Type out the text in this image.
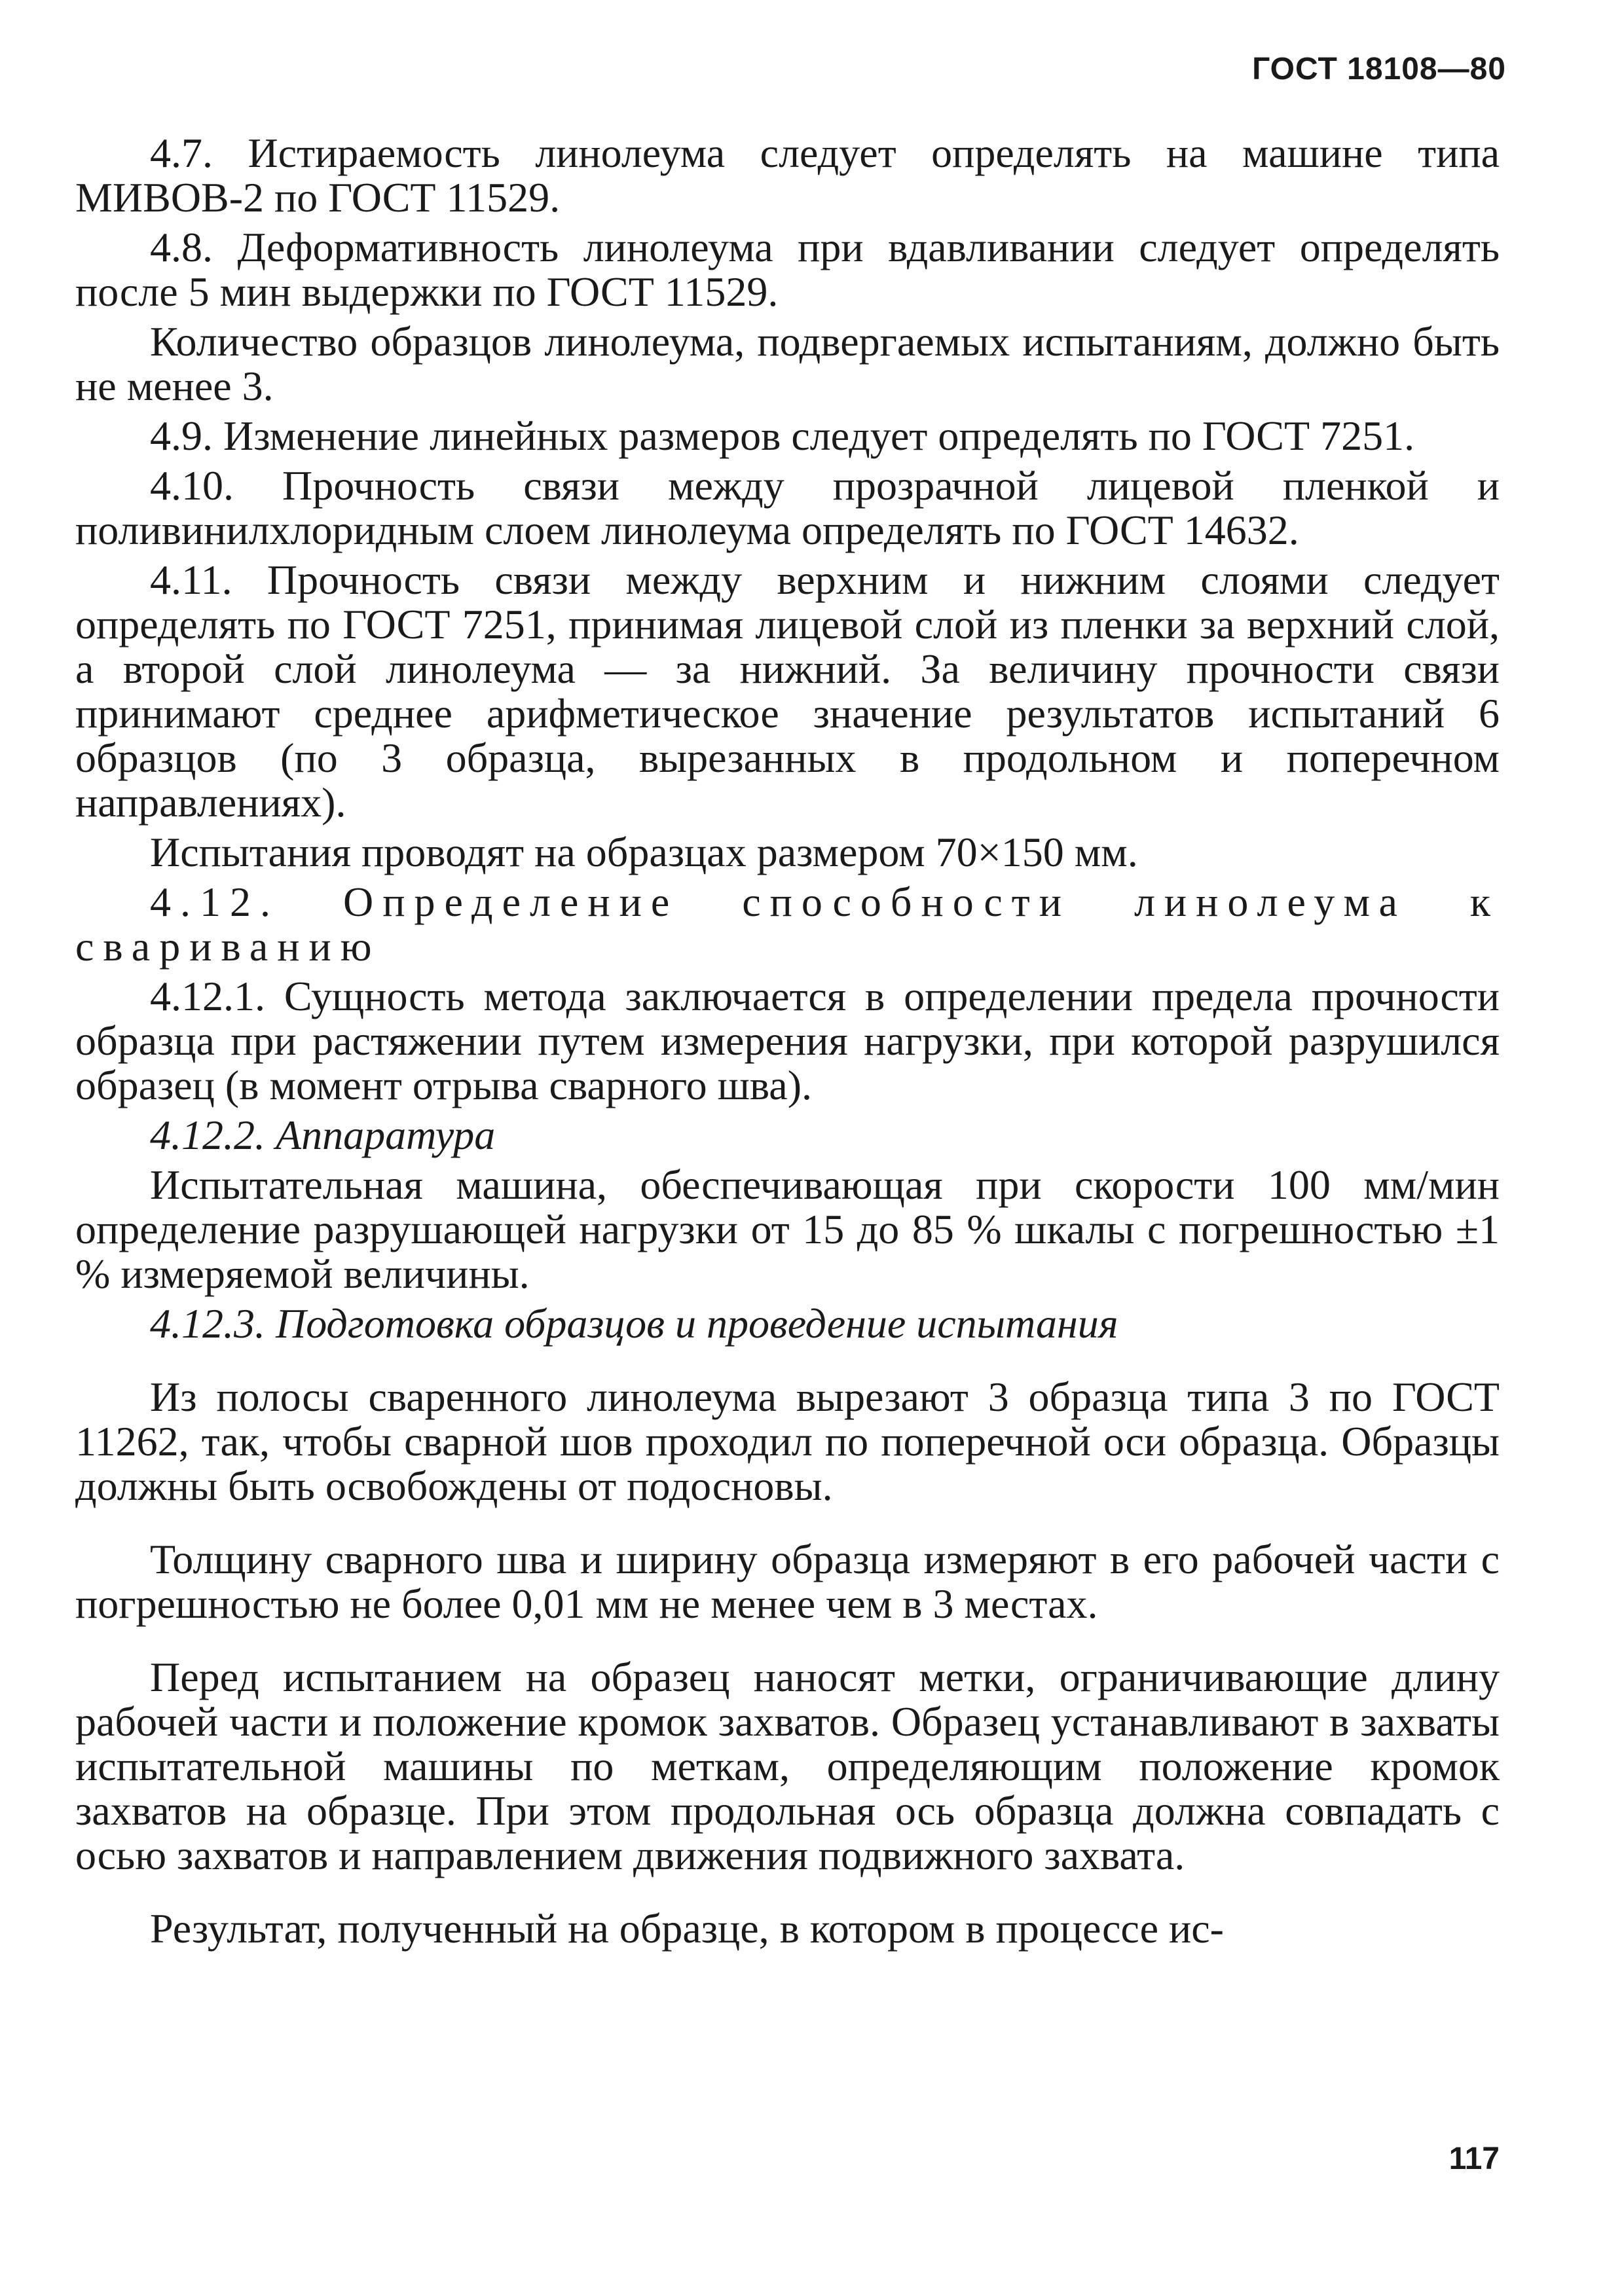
ГОСТ 18108—80

4.7. Истираемость линолеума следует определять на машине типа МИВОВ-2 по ГОСТ 11529.

4.8. Деформативность линолеума при вдавливании следует определять после 5 мин выдержки по ГОСТ 11529.

Количество образцов линолеума, подвергаемых испытаниям, должно быть не менее 3.

4.9. Изменение линейных размеров следует определять по ГОСТ 7251.

4.10. Прочность связи между прозрачной лицевой пленкой и поливинилхлоридным слоем линолеума определять по ГОСТ 14632.

4.11. Прочность связи между верхним и нижним слоями следует определять по ГОСТ 7251, принимая лицевой слой из пленки за верхний слой, а второй слой линолеума — за нижний. За величину прочности связи принимают среднее арифметическое значение результатов испытаний 6 образцов (по 3 образца, вырезанных в продольном и поперечном направлениях).

Испытания проводят на образцах размером 70×150 мм.

4.12. Определение способности линолеума к свариванию

4.12.1. Сущность метода заключается в определении предела прочности образца при растяжении путем измерения нагрузки, при которой разрушился образец (в момент отрыва сварного шва).

4.12.2. Аппаратура

Испытательная машина, обеспечивающая при скорости 100 мм/мин определение разрушающей нагрузки от 15 до 85 % шкалы с погрешностью ±1 % измеряемой величины.

4.12.3. Подготовка образцов и проведение испытания

Из полосы сваренного линолеума вырезают 3 образца типа 3 по ГОСТ 11262, так, чтобы сварной шов проходил по поперечной оси образца. Образцы должны быть освобождены от подосновы.

Толщину сварного шва и ширину образца измеряют в его рабочей части с погрешностью не более 0,01 мм не менее чем в 3 местах.

Перед испытанием на образец наносят метки, ограничивающие длину рабочей части и положение кромок захватов. Образец устанавливают в захваты испытательной машины по меткам, определяющим положение кромок захватов на образце. При этом продольная ось образца должна совпадать с осью захватов и направлением движения подвижного захвата.

Результат, полученный на образце, в котором в процессе ис-

117
